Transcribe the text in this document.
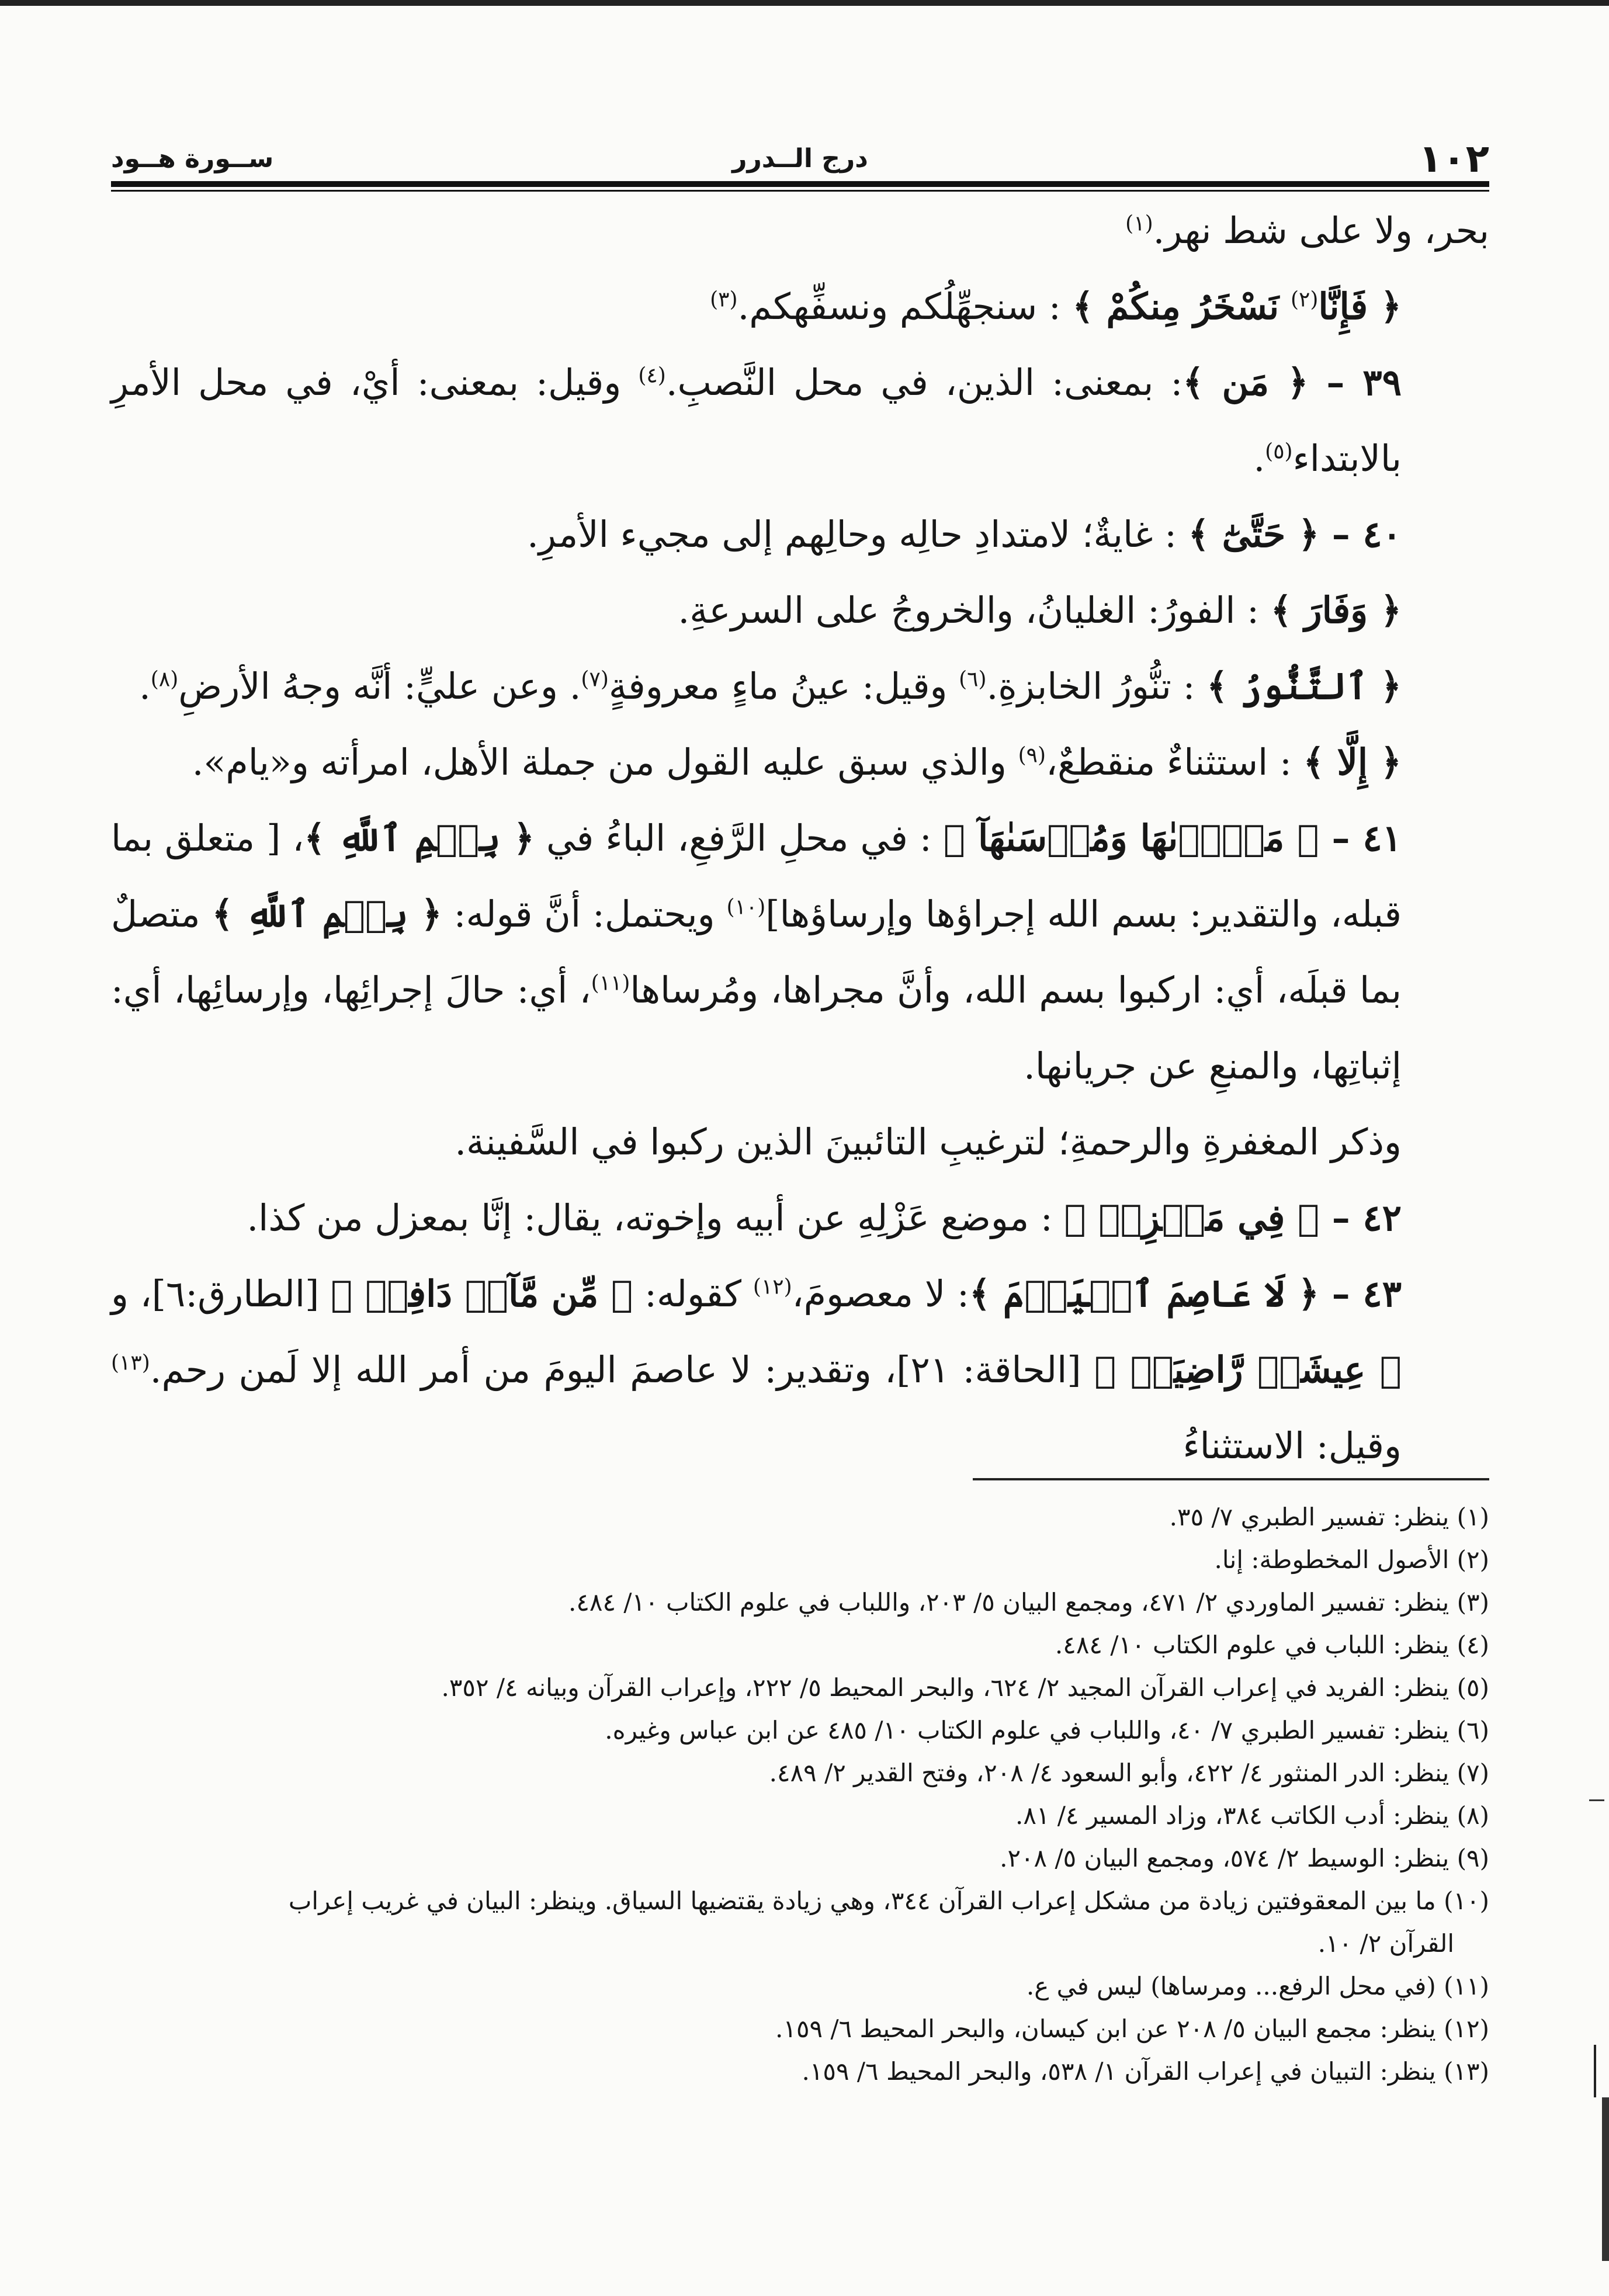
١٠٢
درج الــدرر
ســورة هــود

بحر، ولا على شط نهر.$^{(١)}$

﴿ فَإِنَّا$^{(٢)}$ نَسْخَرُ مِنكُمْ ﴾ : سنجهِّلُكم ونسفِّهكم.$^{(٣)}$

٣٩ – ﴿ مَن ﴾: بمعنى: الذين، في محل النَّصبِ.$^{(٤)}$ وقيل: بمعنى: أيْ، في محل الأمرِ بالابتداء$^{(٥)}$.

٤٠ – ﴿ حَتَّىٰٓ ﴾ : غايةٌ؛ لامتدادِ حالِه وحالِهم إلى مجيء الأمرِ.

﴿ وَفَارَ ﴾ : الفورُ: الغليانُ، والخروجُ على السرعةِ.

﴿ ٱلتَّنُّورُ ﴾ : تنُّورُ الخابزةِ.$^{(٦)}$ وقيل: عينُ ماءٍ معروفةٍ$^{(٧)}$. وعن عليٍّ: أنَّه وجهُ الأرضِ$^{(٨)}$.

﴿ إِلَّا ﴾ : استثناءٌ منقطعٌ،$^{(٩)}$ والذي سبق عليه القول من جملة الأهل، امرأته و«يام».

٤١ – ﴿ مَجۡرٜىٰهَا وَمُرۡسَىٰهَآ ﴾ : في محلِ الرَّفعِ، الباءُ في ﴿ بِسۡمِ ٱللَّهِ ﴾، [ متعلق بما قبله، والتقدير: بسم الله إجراؤها وإرساؤها]$^{(١٠)}$ ويحتمل: أنَّ قوله: ﴿ بِسۡمِ ٱللَّهِ ﴾ متصلٌ بما قبلَه، أي: اركبوا بسم الله، وأنَّ مجراها، ومُرساها$^{(١١)}$، أي: حالَ إجرائِها، وإرسائِها، أي: إثباتِها، والمنعِ عن جريانها.

وذكر المغفرةِ والرحمةِ؛ لترغيبِ التائبينَ الذين ركبوا في السَّفينة.

٤٢ – ﴿ فِي مَعۡزِلٖ ﴾ : موضع عَزْلِهِ عن أبيه وإخوته، يقال: إنَّا بمعزل من كذا.

٤٣ – ﴿ لَا عَاصِمَ ٱلۡيَوۡمَ ﴾: لا معصومَ،$^{(١٢)}$ كقوله: ﴿ مِّن مَّآءٖ دَافِقٖ ﴾ [الطارق:٦]، و ﴿ عِيشَةٖ رَّاضِيَةٖ ﴾ [الحاقة: ٢١]، وتقدير: لا عاصمَ اليومَ من أمر الله إلا لَمن رحم.$^{(١٣)}$ وقيل: الاستثناءُ

(١) ينظر: تفسير الطبري ٧/ ٣٥.

(٢) الأصول المخطوطة: إنا.

(٣) ينظر: تفسير الماوردي ٢/ ٤٧١، ومجمع البيان ٥/ ٢٠٣، واللباب في علوم الكتاب ١٠/ ٤٨٤.

(٤) ينظر: اللباب في علوم الكتاب ١٠/ ٤٨٤.

(٥) ينظر: الفريد في إعراب القرآن المجيد ٢/ ٦٢٤، والبحر المحيط ٥/ ٢٢٢، وإعراب القرآن وبيانه ٤/ ٣٥٢.

(٦) ينظر: تفسير الطبري ٧/ ٤٠، واللباب في علوم الكتاب ١٠/ ٤٨٥ عن ابن عباس وغيره.

(٧) ينظر: الدر المنثور ٤/ ٤٢٢، وأبو السعود ٤/ ٢٠٨، وفتح القدير ٢/ ٤٨٩.

(٨) ينظر: أدب الكاتب ٣٨٤، وزاد المسير ٤/ ٨١.

(٩) ينظر: الوسيط ٢/ ٥٧٤، ومجمع البيان ٥/ ٢٠٨.

(١٠) ما بين المعقوفتين زيادة من مشكل إعراب القرآن ٣٤٤، وهي زيادة يقتضيها السياق. وينظر: البيان في غريب إعراب

القرآن ٢/ ١٠.

(١١) (في محل الرفع... ومرساها) ليس في ع.

(١٢) ينظر: مجمع البيان ٥/ ٢٠٨ عن ابن كيسان، والبحر المحيط ٦/ ١٥٩.

(١٣) ينظر: التبيان في إعراب القرآن ١/ ٥٣٨، والبحر المحيط ٦/ ١٥٩.
